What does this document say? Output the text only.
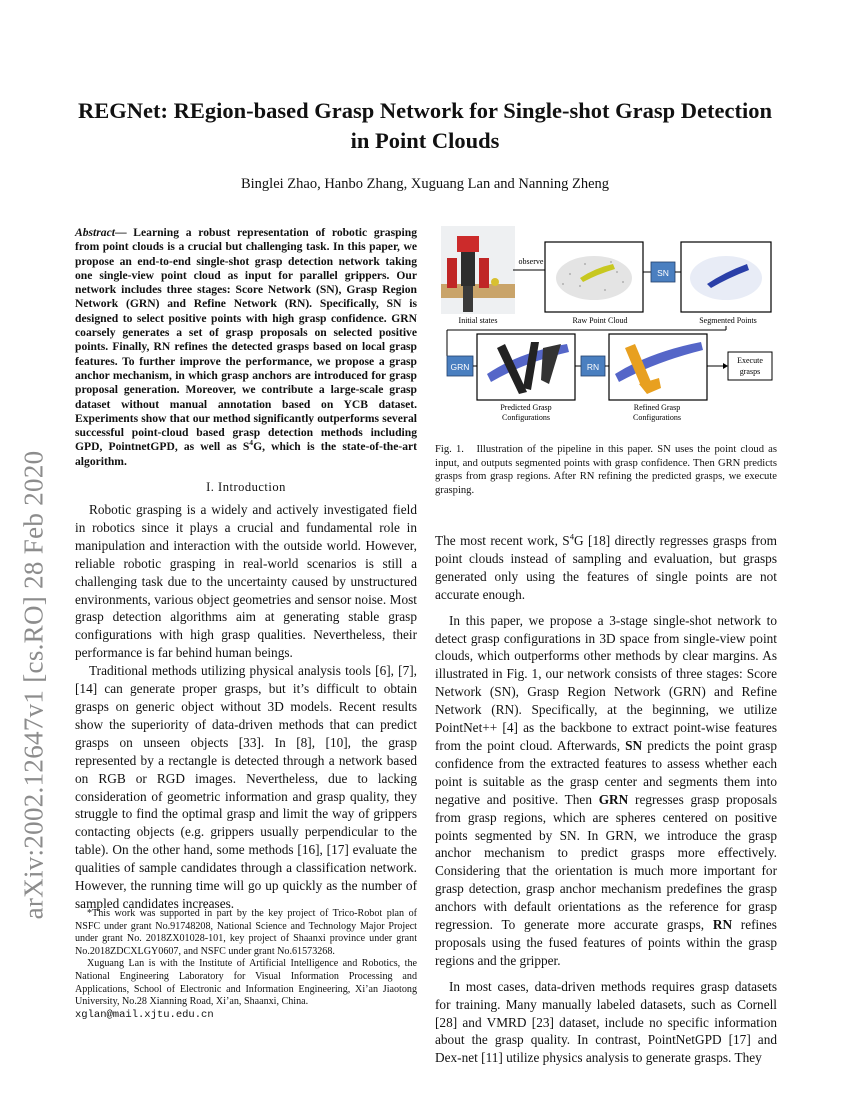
REGNet: REgion-based Grasp Network for Single-shot Grasp Detection
in Point Clouds
Binglei Zhao, Hanbo Zhang, Xuguang Lan and Nanning Zheng
arXiv:2002.12647v1 [cs.RO] 28 Feb 2020

Abstract— Learning a robust representation of robotic grasping from point clouds is a crucial but challenging task. In this paper, we propose an end-to-end single-shot grasp detection network taking one single-view point cloud as input for parallel grippers. Our network includes three stages: Score Network (SN), Grasp Region Network (GRN) and Refine Network (RN). Specifically, SN is designed to select positive points with high grasp confidence. GRN coarsely generates a set of grasp proposals on selected positive points. Finally, RN refines the detected grasps based on local grasp features. To further improve the performance, we propose a grasp anchor mechanism, in which grasp anchors are introduced for grasp proposal generation. Moreover, we contribute a large-scale grasp dataset without manual annotation based on YCB dataset. Experiments show that our method significantly outperforms several successful point-cloud based grasp detection methods including GPD, PointnetGPD, as well as $S^4G$, which is the state-of-the-art algorithm.

I. Introduction

Robotic grasping is a widely and actively investigated field in robotics since it plays a crucial and fundamental role in manipulation and interaction with the outside world. However, reliable robotic grasping in real-world scenarios is still a challenging task due to the uncertainty caused by unstructured environments, various object geometries and sensor noise. Most grasp detection algorithms aim at generating stable grasp configurations with high grasp qualities. Nevertheless, their performance is far behind human beings.

Traditional methods utilizing physical analysis tools [6], [7], [14] can generate proper grasps, but it’s difficult to obtain grasps on generic object without 3D models. Recent results show the superiority of data-driven methods that can predict grasps on unseen objects [33]. In [8], [10], the grasp represented by a rectangle is detected through a network based on RGB or RGD images. Nevertheless, due to lacking consideration of geometric information and grasp quality, they struggle to find the optimal grasp and limit the way of grippers contacting objects (e.g. grippers usually perpendicular to the table). On the other hand, some methods [16], [17] evaluate the qualities of sample candidates through a classification network. However, the running time will go up quickly as the number of sampled candidates increases.

*This work was supported in part by the key project of Trico-Robot plan of NSFC under grant No.91748208, National Science and Technology Major Project under grant No. 2018ZX01028-101, key project of Shaanxi province under grant No.2018ZDCXLGY0607, and NSFC under grant No.61573268.

Xuguang Lan is with the Institute of Artificial Intelligence and Robotics, the National Engineering Laboratory for Visual Information Processing and Applications, School of Electronic and Information Engineering, Xi’an Jiaotong University, No.28 Xianning Road, Xi’an, Shaanxi, China.
xglan@mail.xjtu.edu.cn

Initial states
observe
Raw Point Cloud
SN
Segmented Points
GRN
Predicted Grasp
Configurations
RN
Refined Grasp
Configurations
Execute
grasps
Fig. 1. Illustration of the pipeline in this paper. SN uses the point cloud as input, and outputs segmented points with grasp confidence. Then GRN predicts grasps from grasp regions. After RN refining the predicted grasps, we execute grasping.

The most recent work, $S^4G$ [18] directly regresses grasps from point clouds instead of sampling and evaluation, but grasps generated only using the features of single points are not accurate enough.

In this paper, we propose a 3-stage single-shot network to detect grasp configurations in 3D space from single-view point clouds, which outperforms other methods by clear margins. As illustrated in Fig. 1, our network consists of three stages: Score Network (SN), Grasp Region Network (GRN) and Refine Network (RN). Specifically, at the beginning, we utilize PointNet++ [4] as the backbone to extract point-wise features from the point cloud. Afterwards, SN predicts the point grasp confidence from the extracted features to assess whether each point is suitable as the grasp center and segments them into negative and positive. Then GRN regresses grasp proposals from grasp regions, which are spheres centered on positive points segmented by SN. In GRN, we introduce the grasp anchor mechanism to predict grasps more effectively. Considering that the orientation is much more important for grasp detection, grasp anchor mechanism predefines the grasp anchors with default orientations as the reference for grasp regression. To generate more accurate grasps, RN refines proposals using the fused features of points within the grasp regions and the gripper.

In most cases, data-driven methods requires grasp datasets for training. Many manually labeled datasets, such as Cornell [28] and VMRD [23] dataset, include no specific information about the grasp quality. In contrast, PointNetGPD [17] and Dex-net [11] utilize physics analysis to generate grasps. They
